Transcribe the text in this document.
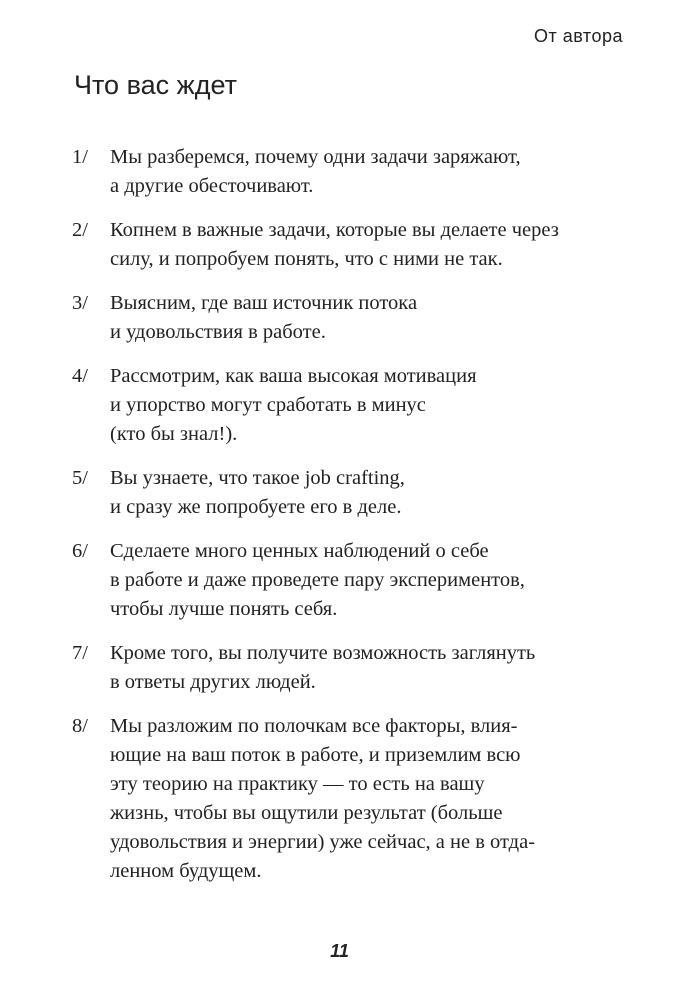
От автора
Что вас ждет
1/	Мы разберемся, почему одни задачи заряжают,
а другие обесточивают.
2/	Копнем в важные задачи, которые вы делаете через
силу, и попробуем понять, что с ними не так.
3/	Выясним, где ваш источник потока
и удовольствия в работе.
4/	Рассмотрим, как ваша высокая мотивация
и упорство могут сработать в минус
(кто бы знал!).
5/	Вы узнаете, что такое job crafting,
и сразу же попробуете его в деле.
6/	Сделаете много ценных наблюдений о себе
в работе и даже проведете пару экспериментов,
чтобы лучше понять себя.
7/	Кроме того, вы получите возможность заглянуть
в ответы других людей.
8/	Мы разложим по полочкам все факторы, влия-
ющие на ваш поток в работе, и приземлим всю
эту теорию на практику — то есть на вашу
жизнь, чтобы вы ощутили результат (больше
удовольствия и энергии) уже сейчас, а не в отда-
ленном будущем.
11
